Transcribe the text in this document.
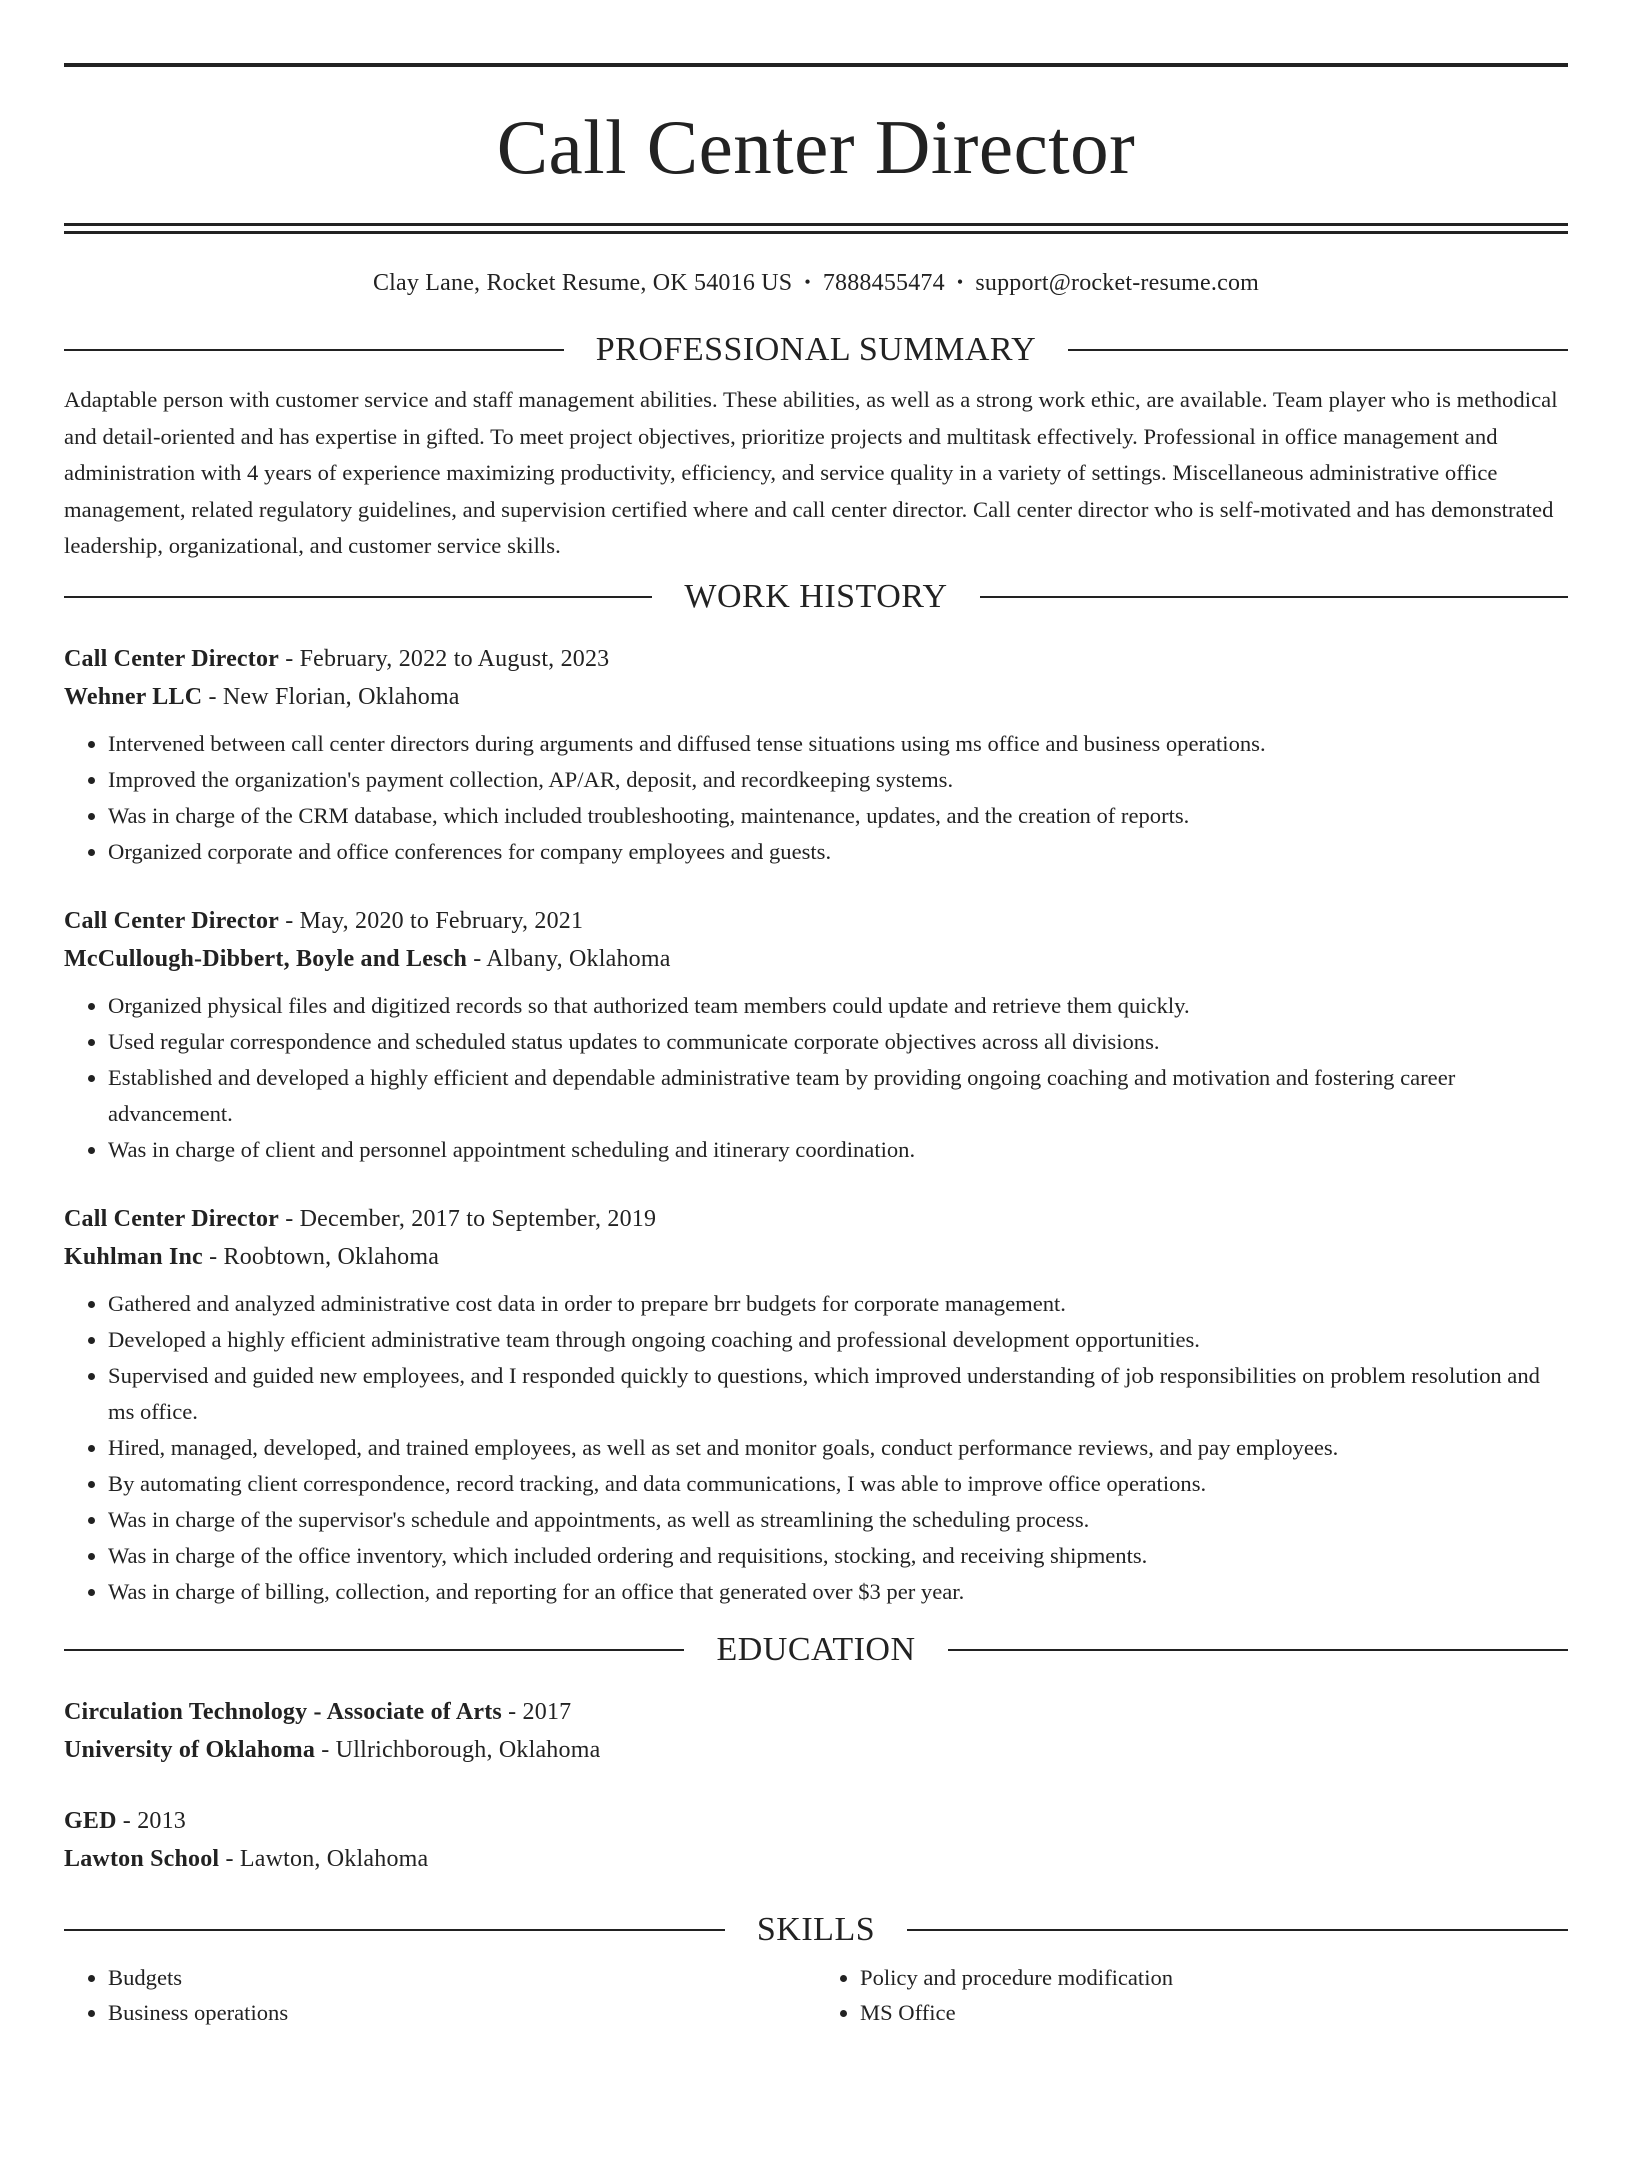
Call Center Director
Clay Lane, Rocket Resume, OK 54016 US • 7888455474 • support@rocket-resume.com
PROFESSIONAL SUMMARY

Adaptable person with customer service and staff management abilities. These abilities, as well as a strong work ethic, are available. Team player who is methodical and detail-oriented and has expertise in gifted. To meet project objectives, prioritize projects and multitask effectively. Professional in office management and administration with 4 years of experience maximizing productivity, efficiency, and service quality in a variety of settings. Miscellaneous administrative office management, related regulatory guidelines, and supervision certified where and call center director. Call center director who is self-motivated and has demonstrated leadership, organizational, and customer service skills.

WORK HISTORY
Call Center Director - February, 2022 to August, 2023
Wehner LLC - New Florian, Oklahoma
• Intervened between call center directors during arguments and diffused tense situations using ms office and business operations.
• Improved the organization's payment collection, AP/AR, deposit, and recordkeeping systems.
• Was in charge of the CRM database, which included troubleshooting, maintenance, updates, and the creation of reports.
• Organized corporate and office conferences for company employees and guests.
Call Center Director - May, 2020 to February, 2021
McCullough-Dibbert, Boyle and Lesch - Albany, Oklahoma
• Organized physical files and digitized records so that authorized team members could update and retrieve them quickly.
• Used regular correspondence and scheduled status updates to communicate corporate objectives across all divisions.
• Established and developed a highly efficient and dependable administrative team by providing ongoing coaching and motivation and fostering career advancement.
• Was in charge of client and personnel appointment scheduling and itinerary coordination.
Call Center Director - December, 2017 to September, 2019
Kuhlman Inc - Roobtown, Oklahoma
• Gathered and analyzed administrative cost data in order to prepare brr budgets for corporate management.
• Developed a highly efficient administrative team through ongoing coaching and professional development opportunities.
• Supervised and guided new employees, and I responded quickly to questions, which improved understanding of job responsibilities on problem resolution and ms office.
• Hired, managed, developed, and trained employees, as well as set and monitor goals, conduct performance reviews, and pay employees.
• By automating client correspondence, record tracking, and data communications, I was able to improve office operations.
• Was in charge of the supervisor's schedule and appointments, as well as streamlining the scheduling process.
• Was in charge of the office inventory, which included ordering and requisitions, stocking, and receiving shipments.
• Was in charge of billing, collection, and reporting for an office that generated over $3 per year.
EDUCATION
Circulation Technology - Associate of Arts - 2017
University of Oklahoma - Ullrichborough, Oklahoma
GED - 2013
Lawton School - Lawton, Oklahoma
SKILLS
• Budgets
• Business operations
• Policy and procedure modification
• MS Office
